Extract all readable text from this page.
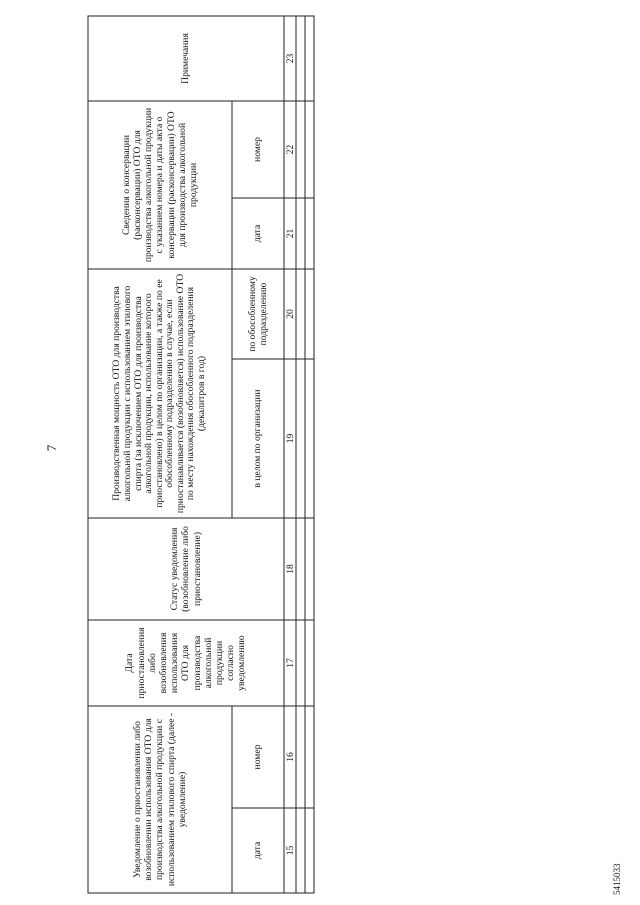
7
5415033
Уведомление о приостановлении либо возобновлении использования ОТО для производства алкогольной продукции с использованием этилового спирта (далее - уведомление)
дата
номер
Дата приостановления либо возобновления использования ОТО для производства алкогольной продукции согласно уведомлению
Статус уведомления (возобновление либо приостановление)
Производственная мощность ОТО для производства алкогольной продукции с использованием этилового спирта (за исключением ОТО для производства алкогольной продукции, использование которого приостановлено) в целом по организации, а также по ее обособленному подразделению в случае, если приостанавливается (возобновляется) использование ОТО по месту нахождения обособленного подразделения (декалитров в год)	в целом по организации
по обособленному подразделению
Сведения о консервации (расконсервации) ОТО для производства алкогольной продукции с указанием номера и даты акта о консервации (расконсервации) ОТО для производства алкогольной продукции
дата
номер
Примечания
15
16
17
18
19
20
21
22
23
